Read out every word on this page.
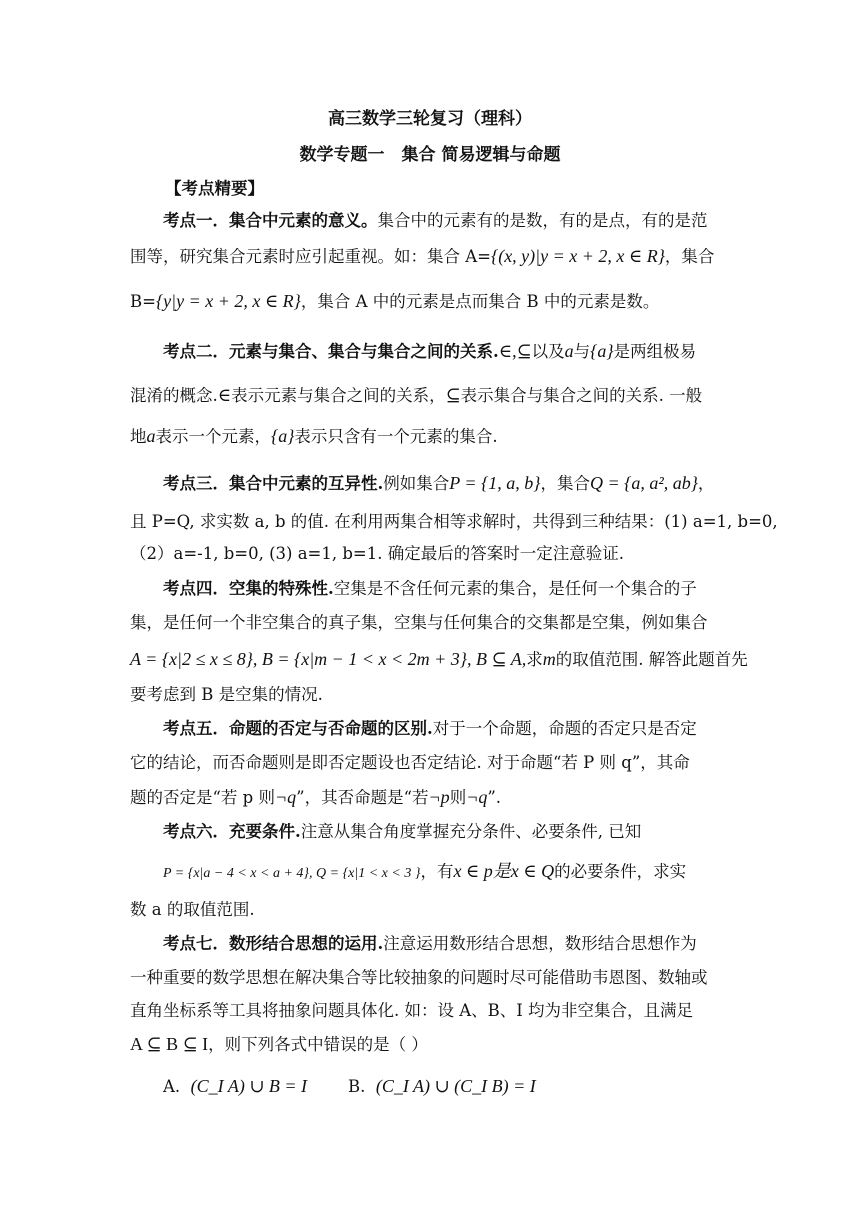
高三数学三轮复习（理科）
数学专题一　集合 简易逻辑与命题
【考点精要】
考点一．集合中元素的意义。集合中的元素有的是数，有的是点，有的是范
围等，研究集合元素时应引起重视。如：集合 A={(x, y)|y = x + 2, x ∈ R}，集合
B={y|y = x + 2, x ∈ R}，集合 A 中的元素是点而集合 B 中的元素是数。
考点二．元素与集合、集合与集合之间的关系.∈,⊆以及a与{a}是两组极易
混淆的概念.∈表示元素与集合之间的关系，⊆表示集合与集合之间的关系. 一般
地a表示一个元素，{a}表示只含有一个元素的集合.
考点三．集合中元素的互异性.例如集合P = {1, a, b}，集合Q = {a, a², ab}，
且 P=Q, 求实数 a, b 的值. 在利用两集合相等求解时，共得到三种结果：(1) a=1, b=0,
（2）a=-1, b=0, (3) a=1, b=1. 确定最后的答案时一定注意验证.
考点四．空集的特殊性.空集是不含任何元素的集合，是任何一个集合的子
集，是任何一个非空集合的真子集，空集与任何集合的交集都是空集，例如集合
A = {x|2 ≤ x ≤ 8}, B = {x|m − 1 < x < 2m + 3}, B ⊆ A,求m的取值范围. 解答此题首先
要考虑到 B 是空集的情况.
考点五．命题的否定与否命题的区别.对于一个命题，命题的否定只是否定
它的结论，而否命题则是即否定题设也否定结论. 对于命题“若 P 则 q”，其命
题的否定是“若 p 则¬q”，其否命题是“若¬p则¬q”.
考点六．充要条件.注意从集合角度掌握充分条件、必要条件, 已知
P = {x|a − 4 < x < a + 4}, Q = {x|1 < x < 3 }，有x ∈ p是x ∈ Q的必要条件，求实
数 a 的取值范围.
考点七．数形结合思想的运用.注意运用数形结合思想，数形结合思想作为
一种重要的数学思想在解决集合等比较抽象的问题时尽可能借助韦恩图、数轴或
直角坐标系等工具将抽象问题具体化. 如：设 A、B、I 均为非空集合，且满足
A ⊆ B ⊆ I，则下列各式中错误的是（ ）
A. (C_I A) ∪ B = I B. (C_I A) ∪ (C_I B) = I
